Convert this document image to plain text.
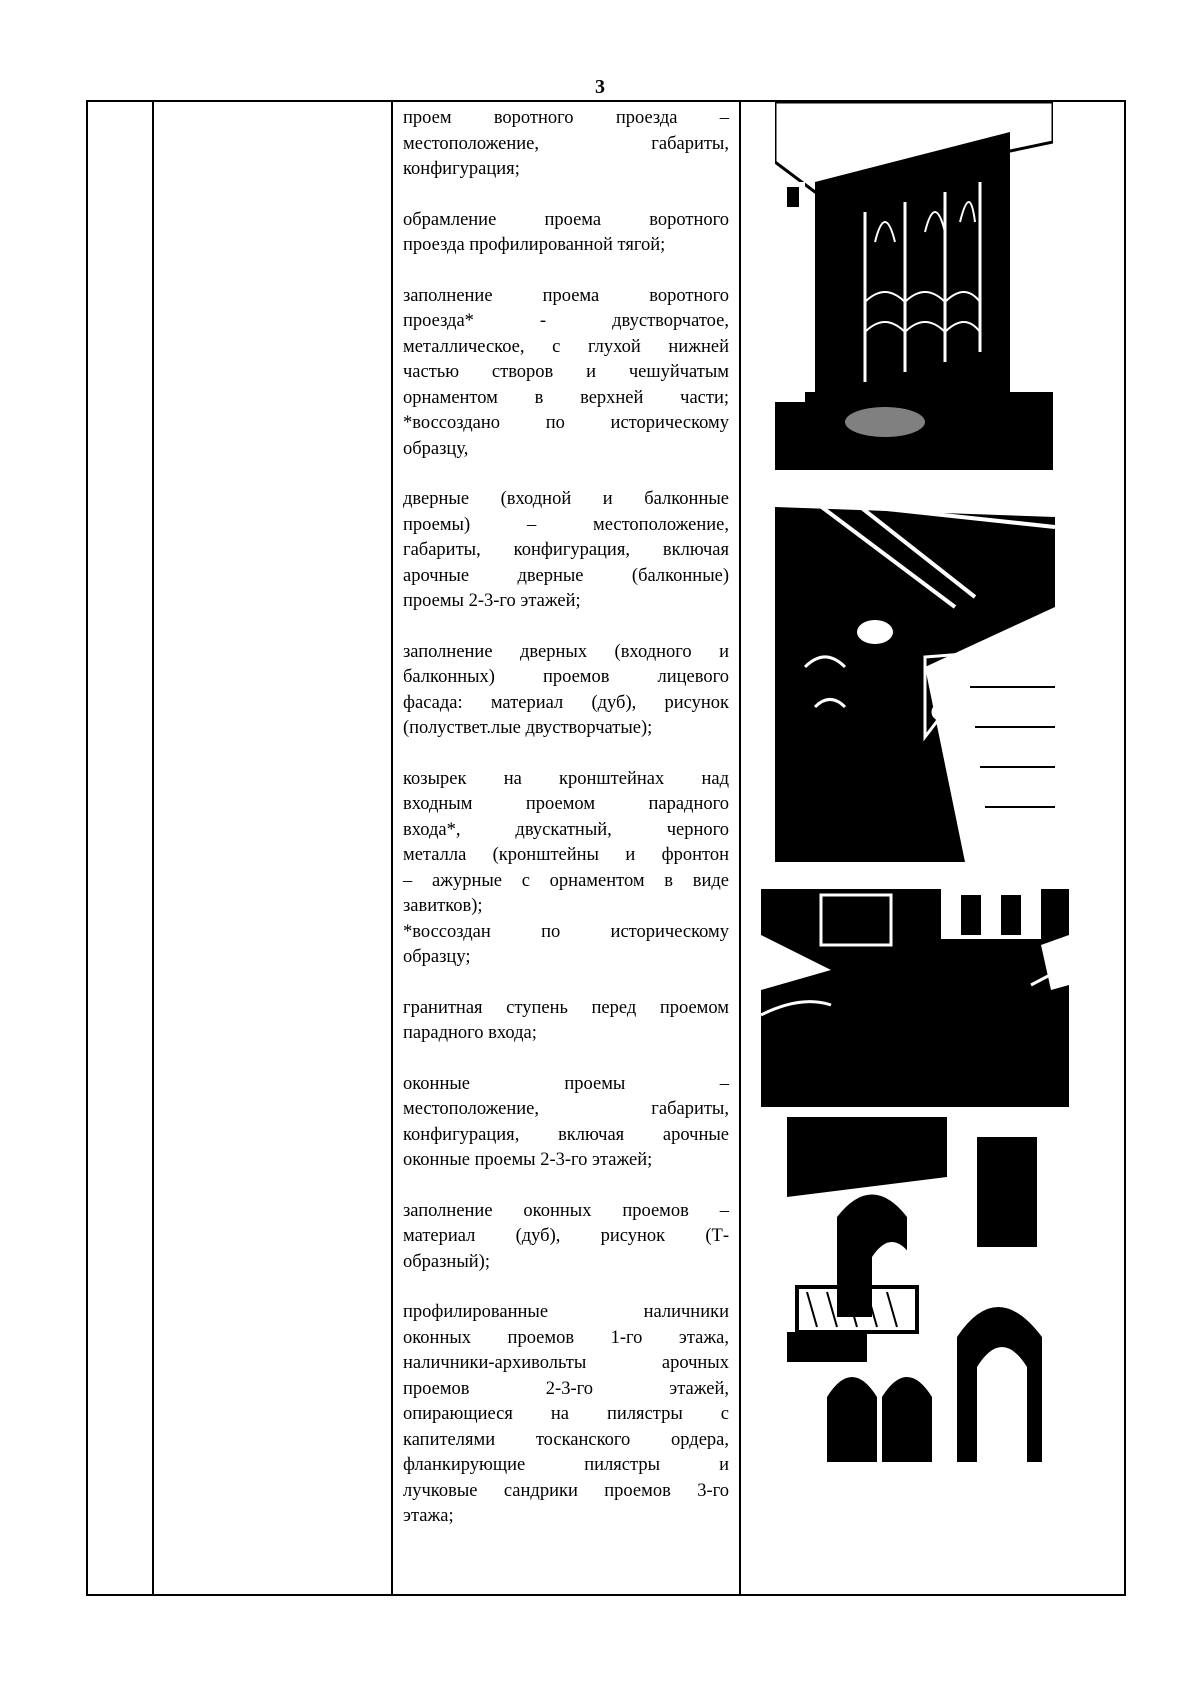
3

проем воротного проезда –
местоположение, габариты,
конфигурация;
обрамление проема воротного
проезда профилированной тягой;
заполнение проема воротного
проезда* - двустворчатое,
металлическое, с глухой нижней
частью створов и чешуйчатым
орнаментом в верхней части;
*воссоздано по историческому
образцу,
дверные (входной и балконные
проемы) – местоположение,
габариты, конфигурация, включая
арочные дверные (балконные)
проемы 2-3-го этажей;
заполнение дверных (входного и
балконных) проемов лицевого
фасада: материал (дуб), рисунок
(полуствет.лые двустворчатые);
козырек на кронштейнах над
входным проемом парадного
входа*, двускатный, черного
металла (кронштейны и фронтон
– ажурные с орнаментом в виде
завитков);
*воссоздан по историческому
образцу;
гранитная ступень перед проемом
парадного входа;
оконные проемы –
местоположение, габариты,
конфигурация, включая арочные
оконные проемы 2-3-го этажей;
заполнение оконных проемов –
материал (дуб), рисунок (Т-
образный);
профилированные наличники
оконных проемов 1-го этажа,
наличники-архивольты арочных
проемов 2-3-го этажей,
опирающиеся на пилястры с
капителями тосканского ордера,
фланкирующие пилястры и
лучковые сандрики проемов 3-го
этажа;
